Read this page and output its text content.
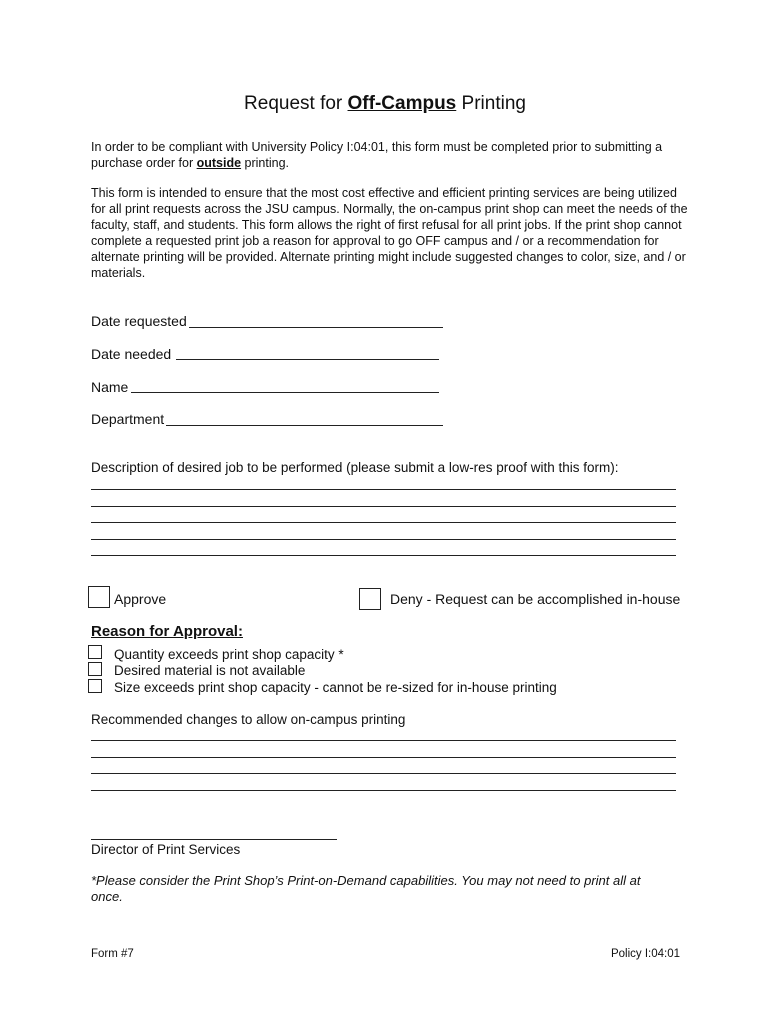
Request for Off-Campus Printing
In order to be compliant with University Policy I:04:01, this form must be completed prior to submitting a purchase order for outside printing.
This form is intended to ensure that the most cost effective and efficient printing services are being utilized for all print requests across the JSU campus. Normally, the on-campus print shop can meet the needs of the faculty, staff, and students. This form allows the right of first refusal for all print jobs. If the print shop cannot complete a requested print job a reason for approval to go OFF campus and / or a recommendation for alternate printing will be provided. Alternate printing might include suggested changes to color, size, and / or materials.
Date requested
Date needed
Name
Department
Description of desired job to be performed (please submit a low-res proof with this form):
Approve	Deny - Request can be accomplished in-house
Reason for Approval:
Quantity exceeds print shop capacity *
Desired material is not available
Size exceeds print shop capacity - cannot be re-sized for in-house printing
Recommended changes to allow on-campus printing
Director of Print Services
*Please consider the Print Shop’s Print-on-Demand capabilities. You may not need to print all at once.
Form #7	Policy I:04:01
